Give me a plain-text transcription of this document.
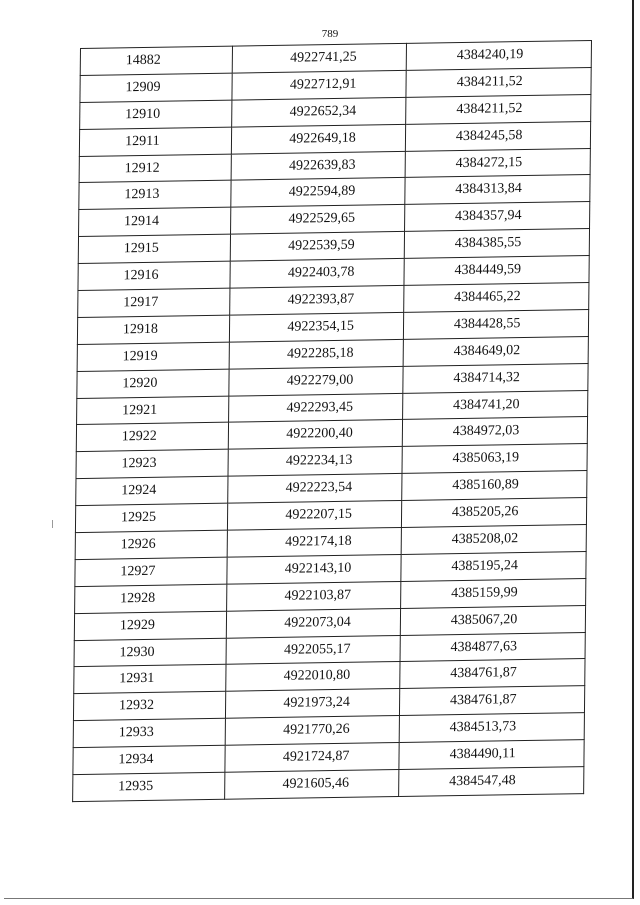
789
14882	4922741,25	4384240,19
12909	4922712,91	4384211,52
12910	4922652,34	4384211,52
12911	4922649,18	4384245,58
12912	4922639,83	4384272,15
12913	4922594,89	4384313,84
12914	4922529,65	4384357,94
12915	4922539,59	4384385,55
12916	4922403,78	4384449,59
12917	4922393,87	4384465,22
12918	4922354,15	4384428,55
12919	4922285,18	4384649,02
12920	4922279,00	4384714,32
12921	4922293,45	4384741,20
12922	4922200,40	4384972,03
12923	4922234,13	4385063,19
12924	4922223,54	4385160,89
12925	4922207,15	4385205,26
12926	4922174,18	4385208,02
12927	4922143,10	4385195,24
12928	4922103,87	4385159,99
12929	4922073,04	4385067,20
12930	4922055,17	4384877,63
12931	4922010,80	4384761,87
12932	4921973,24	4384761,87
12933	4921770,26	4384513,73
12934	4921724,87	4384490,11
12935	4921605,46	4384547,48
